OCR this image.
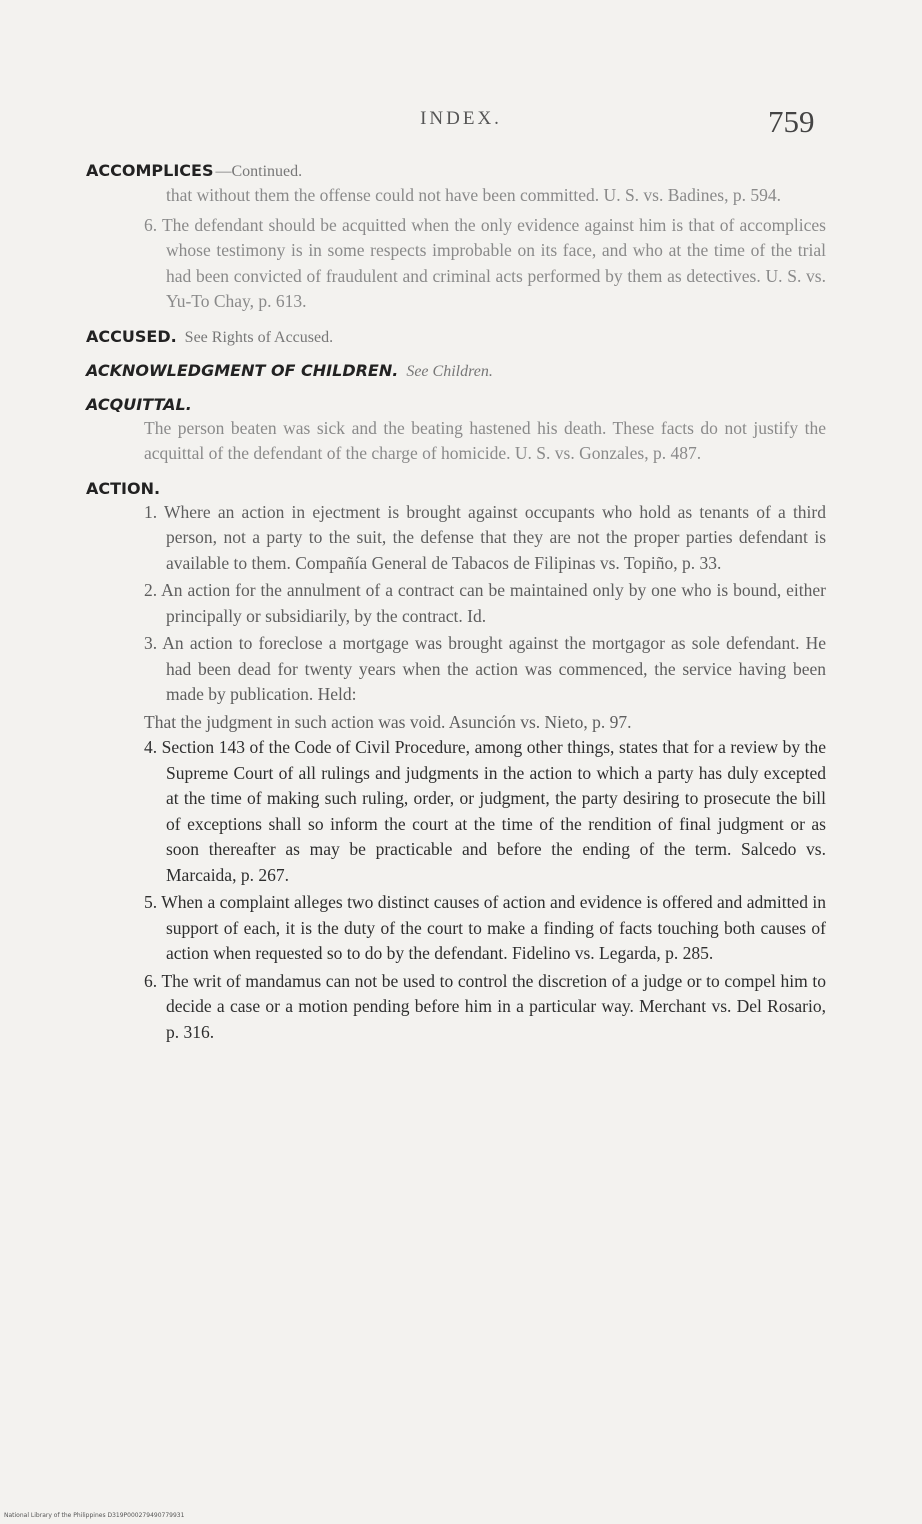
INDEX.	759

ACCOMPLICES —Continued.

that without them the offense could not have been committed. U. S. vs. Badines, p. 594.

6. The defendant should be acquitted when the only evidence against him is that of accomplices whose testimony is in some respects improbable on its face, and who at the time of the trial had been convicted of fraudulent and criminal acts performed by them as detectives. U. S. vs. Yu-To Chay, p. 613.

ACCUSED. See Rights of Accused.

ACKNOWLEDGMENT OF CHILDREN. See Children.

ACQUITTAL.

The person beaten was sick and the beating hastened his death. These facts do not justify the acquittal of the defendant of the charge of homicide. U. S. vs. Gonzales, p. 487.

ACTION.

1. Where an action in ejectment is brought against occupants who hold as tenants of a third person, not a party to the suit, the defense that they are not the proper parties defendant is available to them. Compañía General de Tabacos de Filipinas vs. Topiño, p. 33.

2. An action for the annulment of a contract can be maintained only by one who is bound, either principally or subsidiarily, by the contract. Id.

3. An action to foreclose a mortgage was brought against the mortgagor as sole defendant. He had been dead for twenty years when the action was commenced, the service having been made by publication. Held:

That the judgment in such action was void. Asunción vs. Nieto, p. 97.

4. Section 143 of the Code of Civil Procedure, among other things, states that for a review by the Supreme Court of all rulings and judgments in the action to which a party has duly excepted at the time of making such ruling, order, or judgment, the party desiring to prosecute the bill of exceptions shall so inform the court at the time of the rendition of final judgment or as soon thereafter as may be practicable and before the ending of the term. Salcedo vs. Marcaida, p. 267.

5. When a complaint alleges two distinct causes of action and evidence is offered and admitted in support of each, it is the duty of the court to make a finding of facts touching both causes of action when requested so to do by the defendant. Fidelino vs. Legarda, p. 285.

6. The writ of mandamus can not be used to control the discretion of a judge or to compel him to decide a case or a motion pending before him in a particular way. Merchant vs. Del Rosario, p. 316.

National Library of the Philippines D319P000279490779931
